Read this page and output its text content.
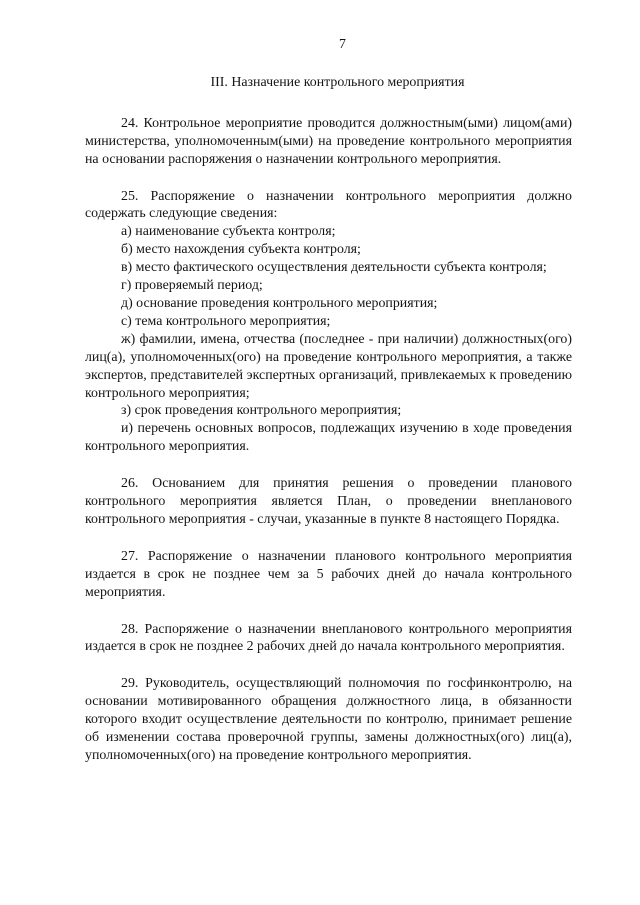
7
III. Назначение контрольного мероприятия

24. Контрольное мероприятие проводится должностным(ыми) лицом(ами) министерства, уполномоченным(ыми) на проведение контрольного мероприятия на основании распоряжения о назначении контрольного мероприятия.

25. Распоряжение о назначении контрольного мероприятия должно содержать следующие сведения:

а) наименование субъекта контроля;
б) место нахождения субъекта контроля;
в) место фактического осуществления деятельности субъекта контроля;
г) проверяемый период;
д) основание проведения контрольного мероприятия;
с) тема контрольного мероприятия;
ж) фамилии, имена, отчества (последнее - при наличии) должностных(ого) лиц(а), уполномоченных(ого) на проведение контрольного мероприятия, а также экспертов, представителей экспертных организаций, привлекаемых к проведению контрольного мероприятия;
з) срок проведения контрольного мероприятия;
и) перечень основных вопросов, подлежащих изучению в ходе проведения контрольного мероприятия.

26. Основанием для принятия решения о проведении планового контрольного мероприятия является План, о проведении внепланового контрольного мероприятия - случаи, указанные в пункте 8 настоящего Порядка.

27. Распоряжение о назначении планового контрольного мероприятия издается в срок не позднее чем за 5 рабочих дней до начала контрольного мероприятия.

28. Распоряжение о назначении внепланового контрольного мероприятия издается в срок не позднее 2 рабочих дней до начала контрольного мероприятия.

29. Руководитель, осуществляющий полномочия по госфинконтролю, на основании мотивированного обращения должностного лица, в обязанности которого входит осуществление деятельности по контролю, принимает решение об изменении состава проверочной группы, замены должностных(ого) лиц(а), уполномоченных(ого) на проведение контрольного мероприятия.
